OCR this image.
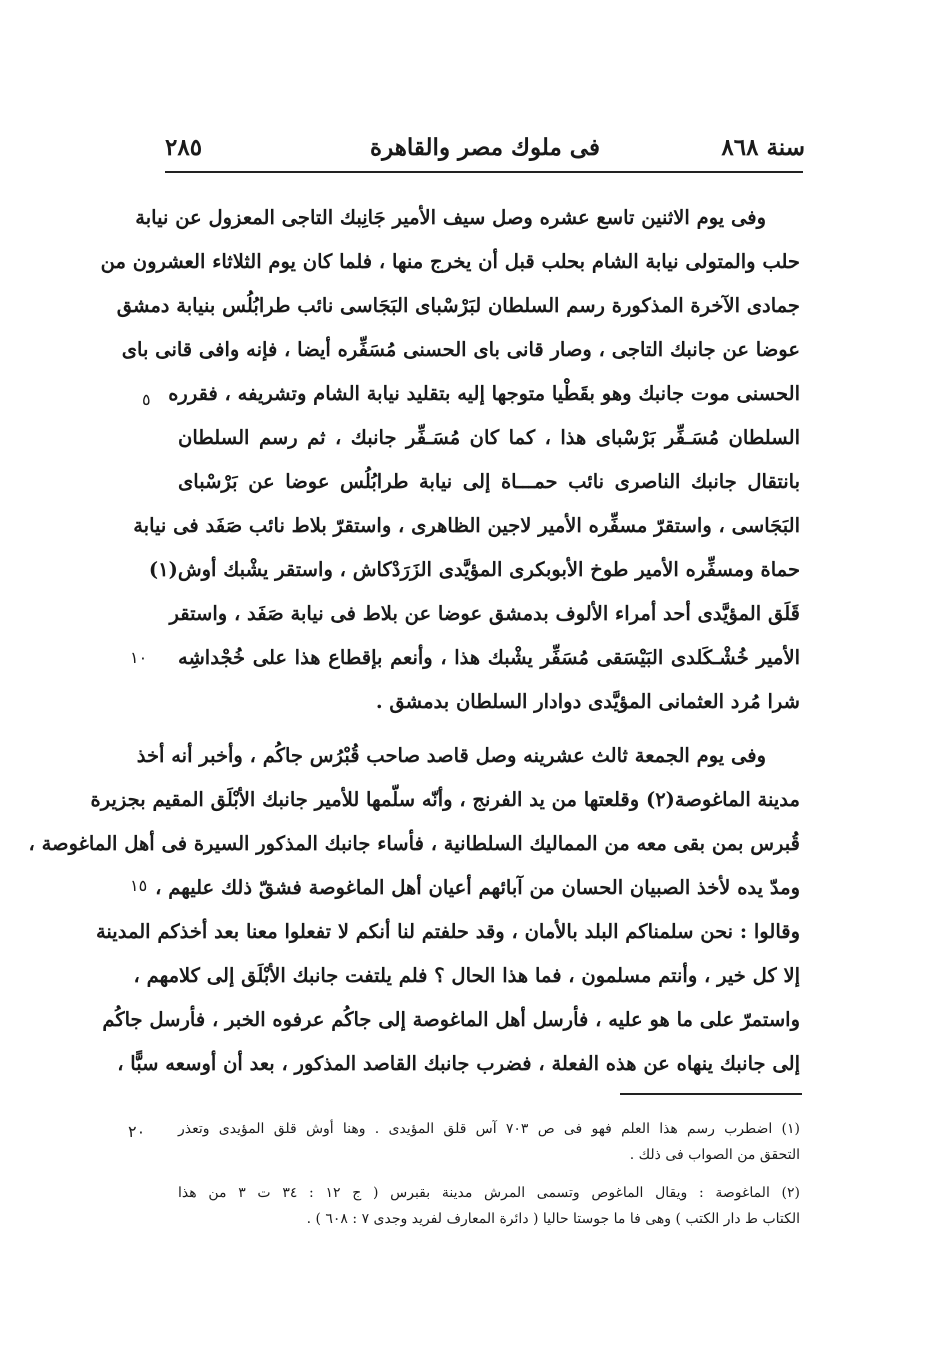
سنة ٨٦٨
فى ملوك مصر والقاهرة
٢٨٥
وفى يوم الاثنين تاسع عشره وصل سيف الأمير جَانِبك التاجى المعزول عن نيابة
حلب والمتولى نيابة الشام بحلب قبل أن يخرج منها ، فلما كان يوم الثلاثاء العشرون من
جمادى الآخرة المذكورة رسم السلطان لبَرْسْباى البَجَاسى نائب طرابُلُس بنيابة دمشق
عوضا عن جانبك التاجى ، وصار قانى باى الحسنى مُسَفِّره أيضا ، فإنه وافى قانى باى
الحسنى موت جانبك وهو بقَطْيا متوجها إليه بتقليد نيابة الشام وتشريفه ، فقرره
السلطان مُسَـفِّر بَرْسْباى هذا ، كما كان مُسَـفِّر جانبك ، ثم رسم السلطان
بانتقال جانبك الناصرى نائب حمـــاة إلى نيابة طرابُلُس عوضا عن بَرْسْباى
البَجَاسى ، واستقرّ مسفِّره الأمير لاجين الظاهرى ، واستقرّ بلاط نائب صَفَد فى نيابة
حماة ومسفِّره الأمير طوخ الأبوبكرى المؤيَّدى الزَرَدْكاش ، واستقر يشْبك أوش(١)
قَلَق المؤيَّدى أحد أمراء الألوف بدمشق عوضا عن بلاط فى نيابة صَفَد ، واستقر
الأمير خُشْـكَلدى البَيْسَقى مُسَفِّر يشْبك هذا ، وأنعم بإقطاع هذا على خُجْداشِه
شرا مُرد العثمانى المؤيَّدى دوادار السلطان بدمشق .
وفى يوم الجمعة ثالث عشرينه وصل قاصد صاحب قُبْرُس جاكُم ، وأخبر أنه أخذ
مدينة الماغوصة(٢) وقلعتها من يد الفرنج ، وأنّه سلّمها للأمير جانبك الأبْلَق المقيم بجزيرة
قُبرس بمن بقى معه من المماليك السلطانية ، فأساء جانبك المذكور السيرة فى أهل الماغوصة ،
ومدّ يده لأخذ الصبيان الحسان من آبائهم أعيان أهل الماغوصة فشقّ ذلك عليهم ،
وقالوا : نحن سلمناكم البلد بالأمان ، وقد حلفتم لنا أنكم لا تفعلوا معنا بعد أخذكم المدينة
إلا كل خير ، وأنتم مسلمون ، فما هذا الحال ؟ فلم يلتفت جانبك الأبْلَق إلى كلامهم ،
واستمرّ على ما هو عليه ، فأرسل أهل الماغوصة إلى جاكُم عرفوه الخبر ، فأرسل جاكُم
إلى جانبك ينهاه عن هذه الفعلة ، فضرب جانبك القاصد المذكور ، بعد أن أوسعه سبًّا ،
٥
١٠
١٥
٢٠ (١) اضطرب رسم هذا العلم فهو فى ص ٧٠٣ آس قلق المؤيدى . وهنا أوش قلق المؤيدى وتعذر
التحقق من الصواب فى ذلك .
(٢) الماغوصة : ويقال الماغوص وتسمى المرش مدينة بقبرس ( ج ١٢ : ٣٤ ت ٣ من هذا
الكتاب ط دار الكتب ) وهى فا ما جوستا حاليا ( دائرة المعارف لفريد وجدى ٧ : ٦٠٨ ) .
